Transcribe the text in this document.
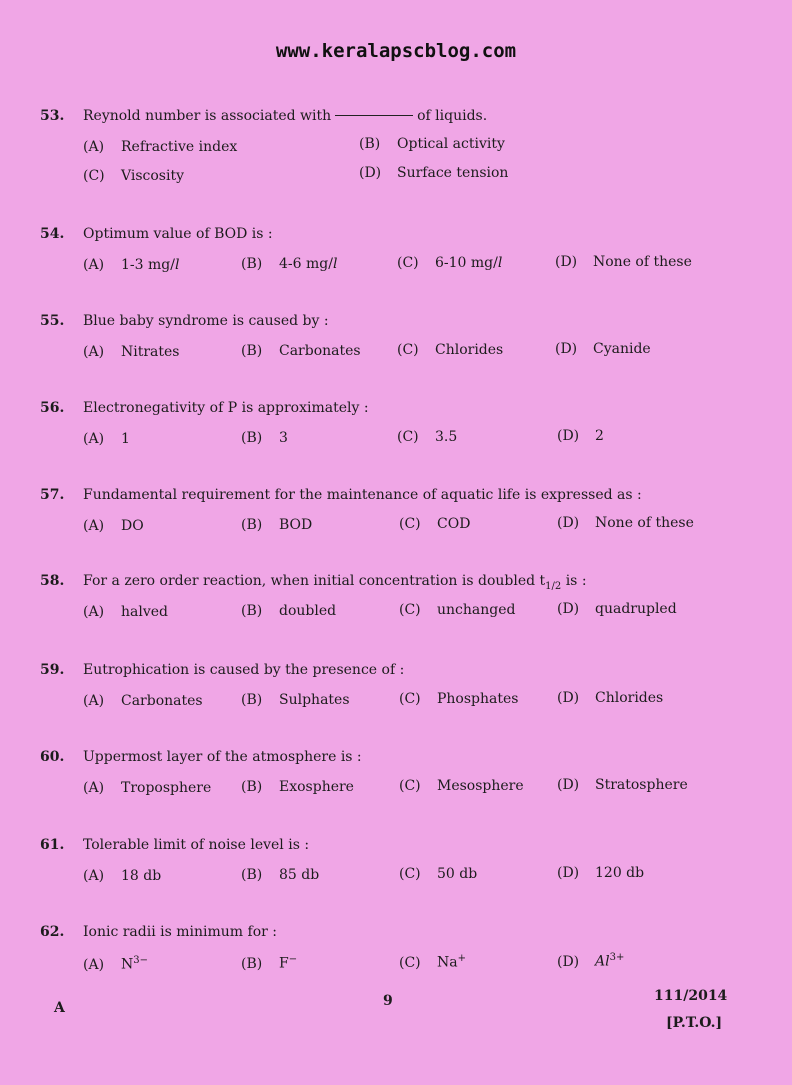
www.keralapscblog.com
53. Reynold number is associated with	of liquids.
(A) Refractive index	(B) Optical activity
(C) Viscosity	(D) Surface tension
54. Optimum value of BOD is :
(A) 1-3 mg/l	(B) 4-6 mg/l	(C) 6-10 mg/l	(D) None of these
55. Blue baby syndrome is caused by :
(A) Nitrates	(B) Carbonates	(C) Chlorides	(D) Cyanide
56. Electronegativity of P is approximately :
(A) 1	(B) 3	(C) 3.5	(D) 2
57. Fundamental requirement for the maintenance of aquatic life is expressed as :
(A) DO	(B) BOD	(C) COD	(D) None of these
58. For a zero order reaction, when initial concentration is doubled $t_{1/2}$ is :
(A) halved	(B) doubled	(C) unchanged	(D) quadrupled
59. Eutrophication is caused by the presence of :
(A) Carbonates	(B) Sulphates	(C) Phosphates	(D) Chlorides
60. Uppermost layer of the atmosphere is :
(A) Troposphere (B) Exosphere	(C) Mesosphere (D) Stratosphere
61. Tolerable limit of noise level is :
(A) 18 db	(B) 85 db	(C) 50 db	(D) 120 db
62. Ionic radii is minimum for :
(A) $N^{3-}$	(B) F−	(C) Na+	(D) $Al^{3+}$
A	9	111/2014
[P.T.O.]
